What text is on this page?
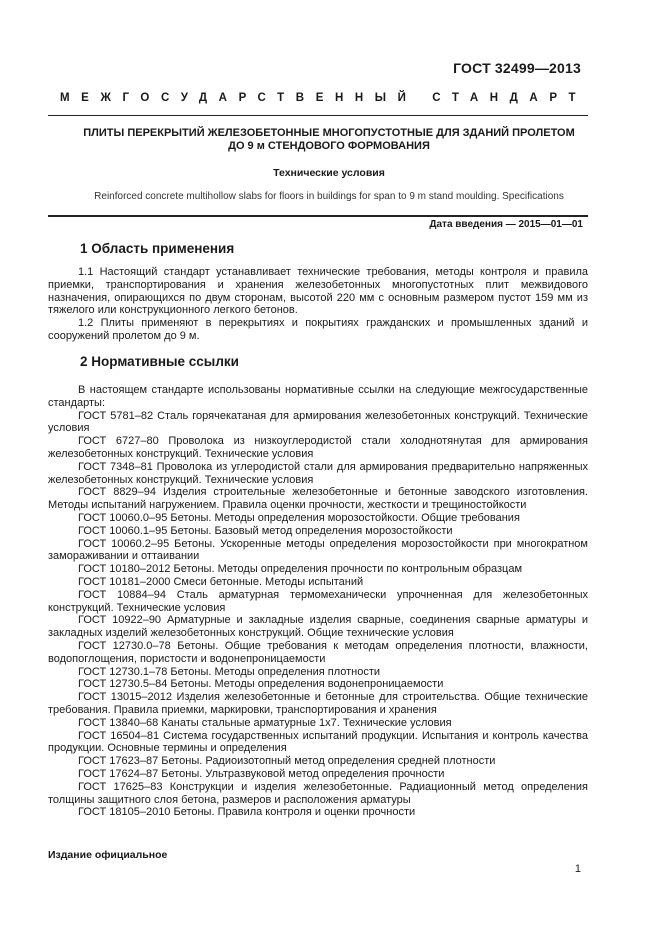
ГОСТ 32499—2013
МЕЖГОСУДАРСТВЕННЫЙ СТАНДАРТ
ПЛИТЫ ПЕРЕКРЫТИЙ ЖЕЛЕЗОБЕТОННЫЕ МНОГОПУСТОТНЫЕ ДЛЯ ЗДАНИЙ ПРОЛЕТОМ
ДО 9 м СТЕНДОВОГО ФОРМОВАНИЯ
Технические условия
Reinforced concrete multihollow slabs for floors in buildings for span to 9 m stand moulding. Specifications
Дата введения — 2015—01—01
1 Область применения

1.1 Настоящий стандарт устанавливает технические требования, методы контроля и правила приемки, транспортирования и хранения железобетонных многопустотных плит межвидового назначения, опирающихся по двум сторонам, высотой 220 мм с основным размером пустот 159 мм из тяжелого или конструкционного легкого бетонов.

1.2 Плиты применяют в перекрытиях и покрытиях гражданских и промышленных зданий и сооружений пролетом до 9 м.

2 Нормативные ссылки

В настоящем стандарте использованы нормативные ссылки на следующие межгосударственные стандарты:

ГОСТ 5781–82 Сталь горячекатаная для армирования железобетонных конструкций. Технические условия

ГОСТ 6727–80 Проволока из низкоуглеродистой стали холоднотянутая для армирования железобетонных конструкций. Технические условия

ГОСТ 7348–81 Проволока из углеродистой стали для армирования предварительно напряженных железобетонных конструкций. Технические условия

ГОСТ 8829–94 Изделия строительные железобетонные и бетонные заводского изготовления. Методы испытаний нагружением. Правила оценки прочности, жесткости и трещиностойкости

ГОСТ 10060.0–95 Бетоны. Методы определения морозостойкости. Общие требования

ГОСТ 10060.1–95 Бетоны. Базовый метод определения морозостойкости

ГОСТ 10060.2–95 Бетоны. Ускоренные методы определения морозостойкости при многократном замораживании и оттаивании

ГОСТ 10180–2012 Бетоны. Методы определения прочности по контрольным образцам

ГОСТ 10181–2000 Смеси бетонные. Методы испытаний

ГОСТ 10884–94 Сталь арматурная термомеханически упрочненная для железобетонных конструкций. Технические условия

ГОСТ 10922–90 Арматурные и закладные изделия сварные, соединения сварные арматуры и закладных изделий железобетонных конструкций. Общие технические условия

ГОСТ 12730.0–78 Бетоны. Общие требования к методам определения плотности, влажности, водопоглощения, пористости и водонепроницаемости

ГОСТ 12730.1–78 Бетоны. Методы определения плотности

ГОСТ 12730.5–84 Бетоны. Методы определения водонепроницаемости

ГОСТ 13015–2012 Изделия железобетонные и бетонные для строительства. Общие технические требования. Правила приемки, маркировки, транспортирования и хранения

ГОСТ 13840–68 Канаты стальные арматурные 1x7. Технические условия

ГОСТ 16504–81 Система государственных испытаний продукции. Испытания и контроль качества продукции. Основные термины и определения

ГОСТ 17623–87 Бетоны. Радиоизотопный метод определения средней плотности

ГОСТ 17624–87 Бетоны. Ультразвуковой метод определения прочности

ГОСТ 17625–83 Конструкции и изделия железобетонные. Радиационный метод определения толщины защитного слоя бетона, размеров и расположения арматуры

ГОСТ 18105–2010 Бетоны. Правила контроля и оценки прочности

Издание официальное
1
